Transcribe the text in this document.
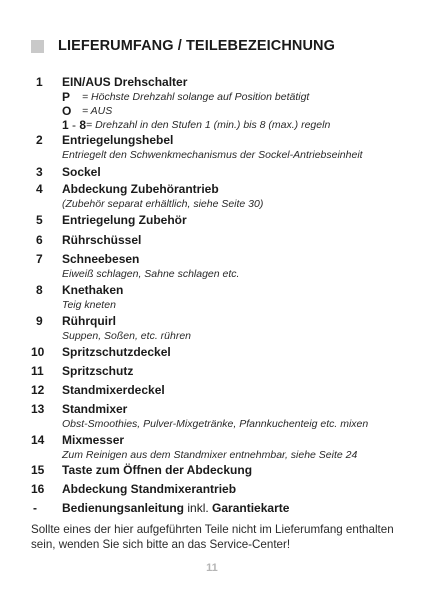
LIEFERUMFANG / TEILEBEZEICHNUNG
1	EIN/AUS Drehschalter
P	= Höchste Drehzahl solange auf Position betätigt
O	= AUS
1 - 8 = Drehzahl in den Stufen 1 (min.) bis 8 (max.) regeln
2	Entriegelungshebel
Entriegelt den Schwenkmechanismus der Sockel-Antriebseinheit
3	Sockel
4	Abdeckung Zubehörantrieb
(Zubehör separat erhältlich, siehe Seite 30)
5	Entriegelung Zubehör
6	Rührschüssel
7	Schneebesen
Eiweiß schlagen, Sahne schlagen etc.
8	Knethaken
Teig kneten
9	Rührquirl
Suppen, Soßen, etc. rühren
10	Spritzschutzdeckel
11	Spritzschutz
12	Standmixerdeckel
13	Standmixer
Obst-Smoothies, Pulver-Mixgetränke, Pfannkuchenteig etc. mixen
14	Mixmesser
Zum Reinigen aus dem Standmixer entnehmbar, siehe Seite 24
15	Taste zum Öffnen der Abdeckung
16	Abdeckung Standmixerantrieb
-	Bedienungsanleitung inkl. Garantiekarte
Sollte eines der hier aufgeführten Teile nicht im Lieferumfang enthalten sein, wenden Sie sich bitte an das Service-Center!
11
